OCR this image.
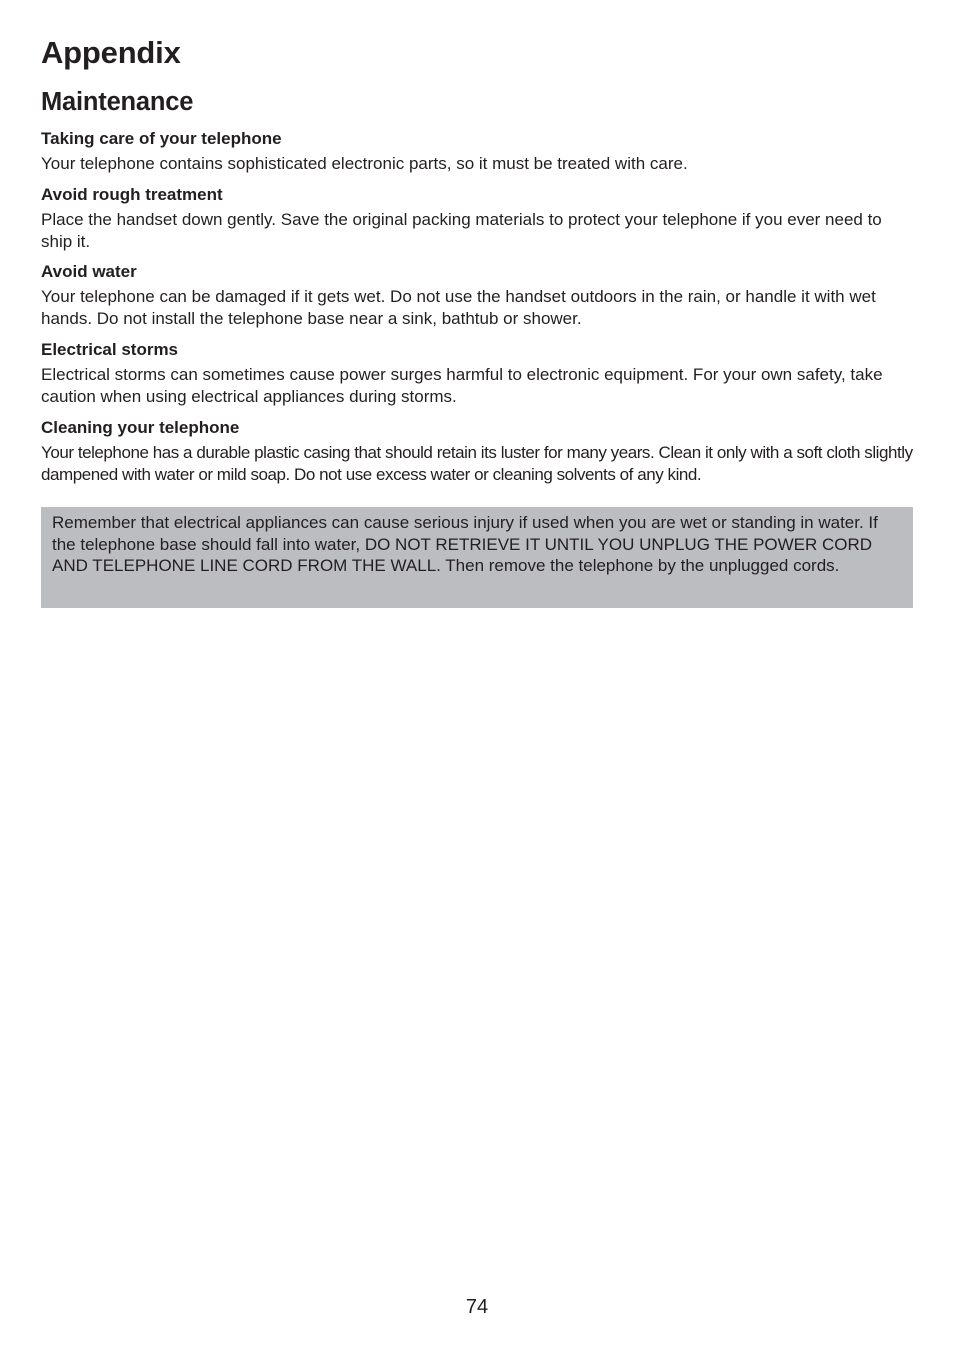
Appendix
Maintenance
Taking care of your telephone

Your telephone contains sophisticated electronic parts, so it must be treated with care.

Avoid rough treatment

Place the handset down gently. Save the original packing materials to protect your telephone if you ever need to ship it.

Avoid water

Your telephone can be damaged if it gets wet. Do not use the handset outdoors in the rain, or handle it with wet hands. Do not install the telephone base near a sink, bathtub or shower.

Electrical storms

Electrical storms can sometimes cause power surges harmful to electronic equipment. For your own safety, take caution when using electrical appliances during storms.

Cleaning your telephone

Your telephone has a durable plastic casing that should retain its luster for many years. Clean it only with a soft cloth slightly dampened with water or mild soap. Do not use excess water or cleaning solvents of any kind.

Remember that electrical appliances can cause serious injury if used when you are wet or standing in water. If the telephone base should fall into water, DO NOT RETRIEVE IT UNTIL YOU UNPLUG THE POWER CORD AND TELEPHONE LINE CORD FROM THE WALL. Then remove the telephone by the unplugged cords.

74
